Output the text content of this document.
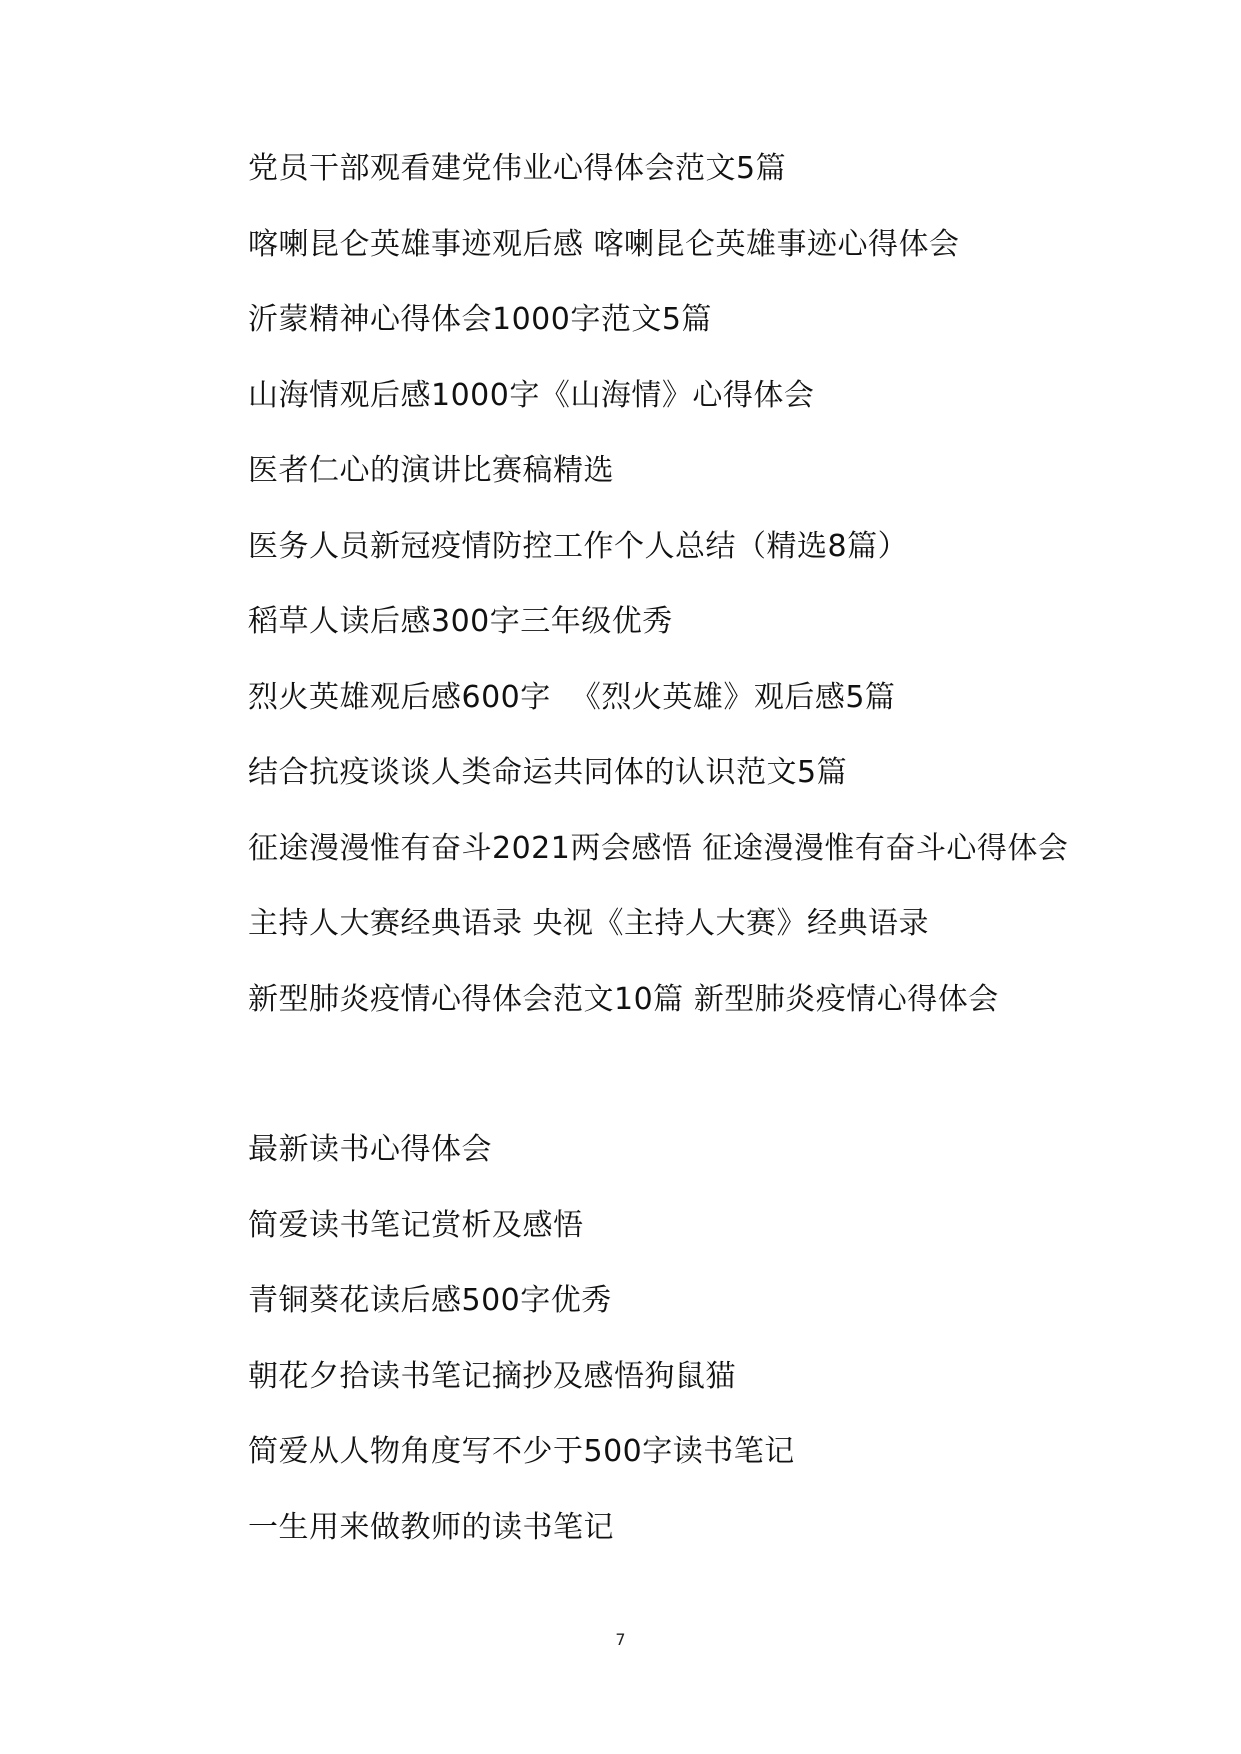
党员干部观看建党伟业心得体会范文5篇
喀喇昆仑英雄事迹观后感 喀喇昆仑英雄事迹心得体会
沂蒙精神心得体会1000字范文5篇
山海情观后感1000字《山海情》心得体会
医者仁心的演讲比赛稿精选
医务人员新冠疫情防控工作个人总结（精选8篇）
稻草人读后感300字三年级优秀
烈火英雄观后感600字  《烈火英雄》观后感5篇
结合抗疫谈谈人类命运共同体的认识范文5篇
征途漫漫惟有奋斗2021两会感悟 征途漫漫惟有奋斗心得体会
主持人大赛经典语录 央视《主持人大赛》经典语录
新型肺炎疫情心得体会范文10篇 新型肺炎疫情心得体会
最新读书心得体会
简爱读书笔记赏析及感悟
青铜葵花读后感500字优秀
朝花夕拾读书笔记摘抄及感悟狗鼠猫
简爱从人物角度写不少于500字读书笔记
一生用来做教师的读书笔记
7
